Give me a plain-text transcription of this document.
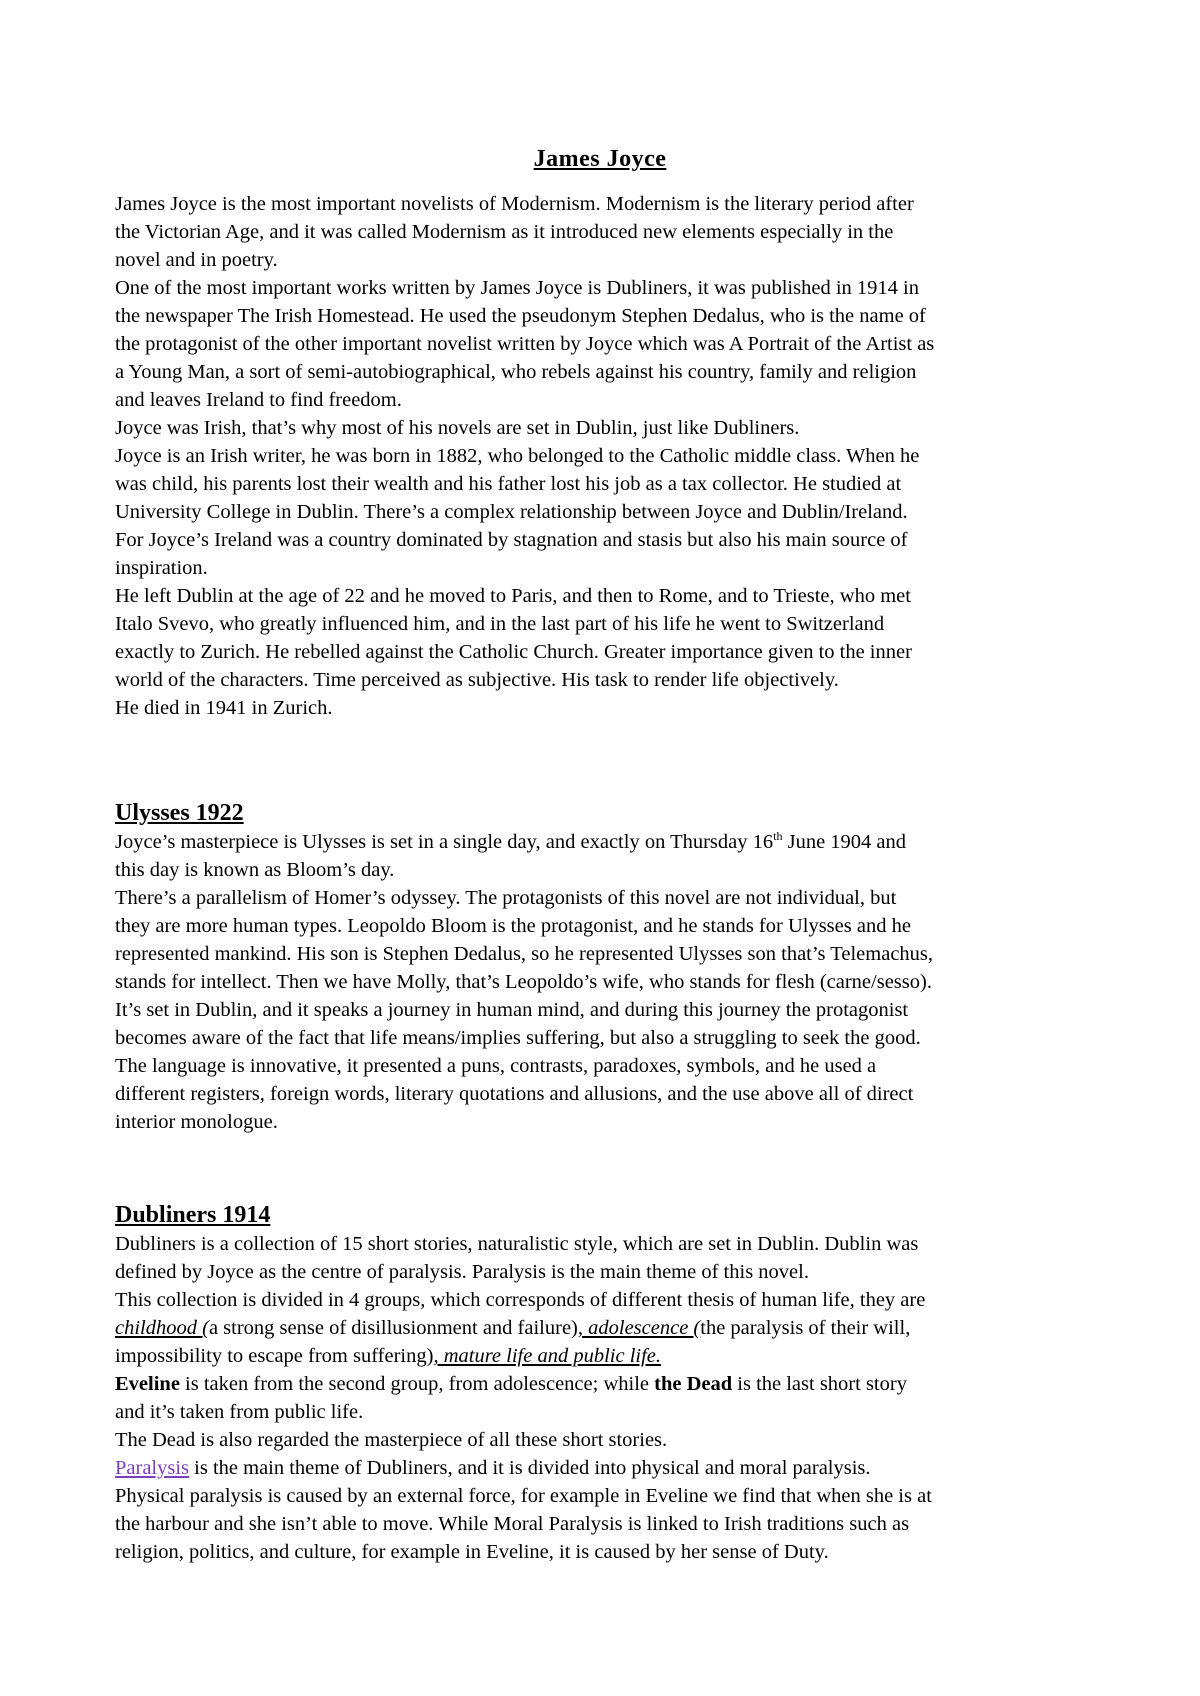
James Joyce
James Joyce is the most important novelists of Modernism. Modernism is the literary period after
the Victorian Age, and it was called Modernism as it introduced new elements especially in the
novel and in poetry.
One of the most important works written by James Joyce is Dubliners, it was published in 1914 in
the newspaper The Irish Homestead. He used the pseudonym Stephen Dedalus, who is the name of
the protagonist of the other important novelist written by Joyce which was A Portrait of the Artist as
a Young Man, a sort of semi-autobiographical, who rebels against his country, family and religion
and leaves Ireland to find freedom.
Joyce was Irish, that’s why most of his novels are set in Dublin, just like Dubliners.
Joyce is an Irish writer, he was born in 1882, who belonged to the Catholic middle class. When he
was child, his parents lost their wealth and his father lost his job as a tax collector. He studied at
University College in Dublin. There’s a complex relationship between Joyce and Dublin/Ireland.
For Joyce’s Ireland was a country dominated by stagnation and stasis but also his main source of
inspiration.
He left Dublin at the age of 22 and he moved to Paris, and then to Rome, and to Trieste, who met
Italo Svevo, who greatly influenced him, and in the last part of his life he went to Switzerland
exactly to Zurich. He rebelled against the Catholic Church. Greater importance given to the inner
world of the characters. Time perceived as subjective. His task to render life objectively.
He died in 1941 in Zurich.
Ulysses 1922
Joyce’s masterpiece is Ulysses is set in a single day, and exactly on Thursday 16th June 1904 and
this day is known as Bloom’s day.
There’s a parallelism of Homer’s odyssey. The protagonists of this novel are not individual, but
they are more human types. Leopoldo Bloom is the protagonist, and he stands for Ulysses and he
represented mankind. His son is Stephen Dedalus, so he represented Ulysses son that’s Telemachus,
stands for intellect. Then we have Molly, that’s Leopoldo’s wife, who stands for flesh (carne/sesso).
It’s set in Dublin, and it speaks a journey in human mind, and during this journey the protagonist
becomes aware of the fact that life means/implies suffering, but also a struggling to seek the good.
The language is innovative, it presented a puns, contrasts, paradoxes, symbols, and he used a
different registers, foreign words, literary quotations and allusions, and the use above all of direct
interior monologue.
Dubliners 1914
Dubliners is a collection of 15 short stories, naturalistic style, which are set in Dublin. Dublin was
defined by Joyce as the centre of paralysis. Paralysis is the main theme of this novel.
This collection is divided in 4 groups, which corresponds of different thesis of human life, they are
childhood (a strong sense of disillusionment and failure), adolescence (the paralysis of their will,
impossibility to escape from suffering), mature life and public life.
Eveline is taken from the second group, from adolescence; while the Dead is the last short story
and it’s taken from public life.
The Dead is also regarded the masterpiece of all these short stories.
Paralysis is the main theme of Dubliners, and it is divided into physical and moral paralysis.
Physical paralysis is caused by an external force, for example in Eveline we find that when she is at
the harbour and she isn’t able to move. While Moral Paralysis is linked to Irish traditions such as
religion, politics, and culture, for example in Eveline, it is caused by her sense of Duty.
